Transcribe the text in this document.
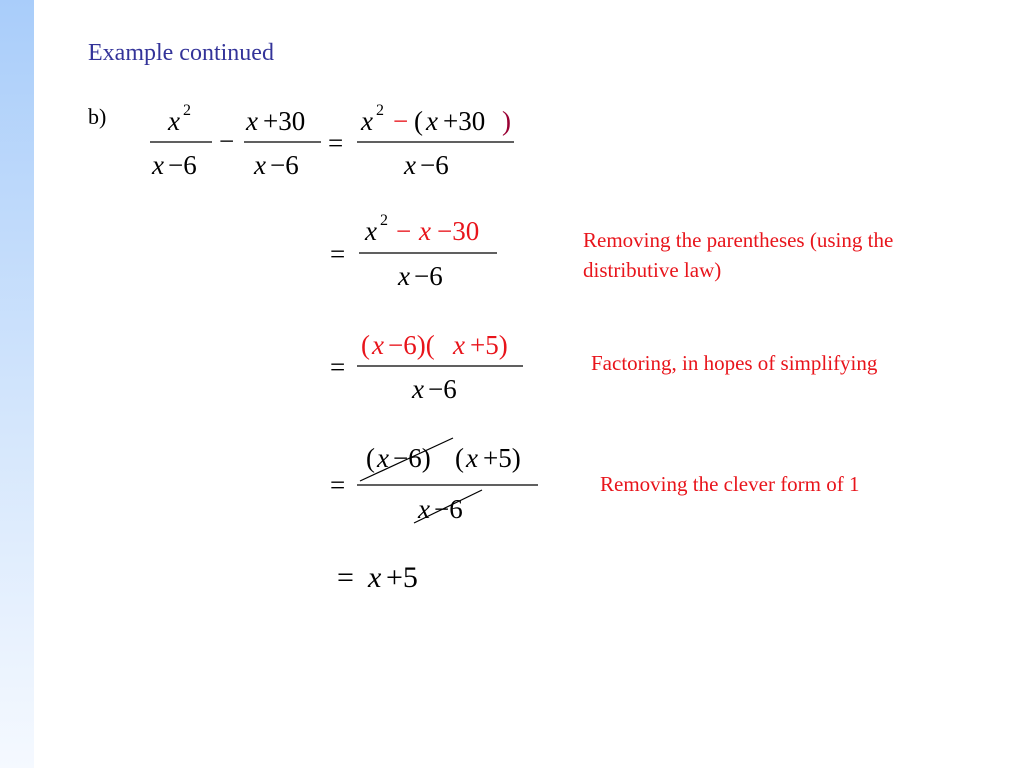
Example continued
b) x 2
x −6
−
x +30
x −6
=
x 2 − ( x +30 )
x −6
=
x 2 − x −30
x −6
=
( x −6)( x +5)
x −6
=
( x −6) ( x +5)
x −6
= x +5
Removing the parentheses (using the distributive law)
Factoring, in hopes of simplifying
Removing the clever form of 1
